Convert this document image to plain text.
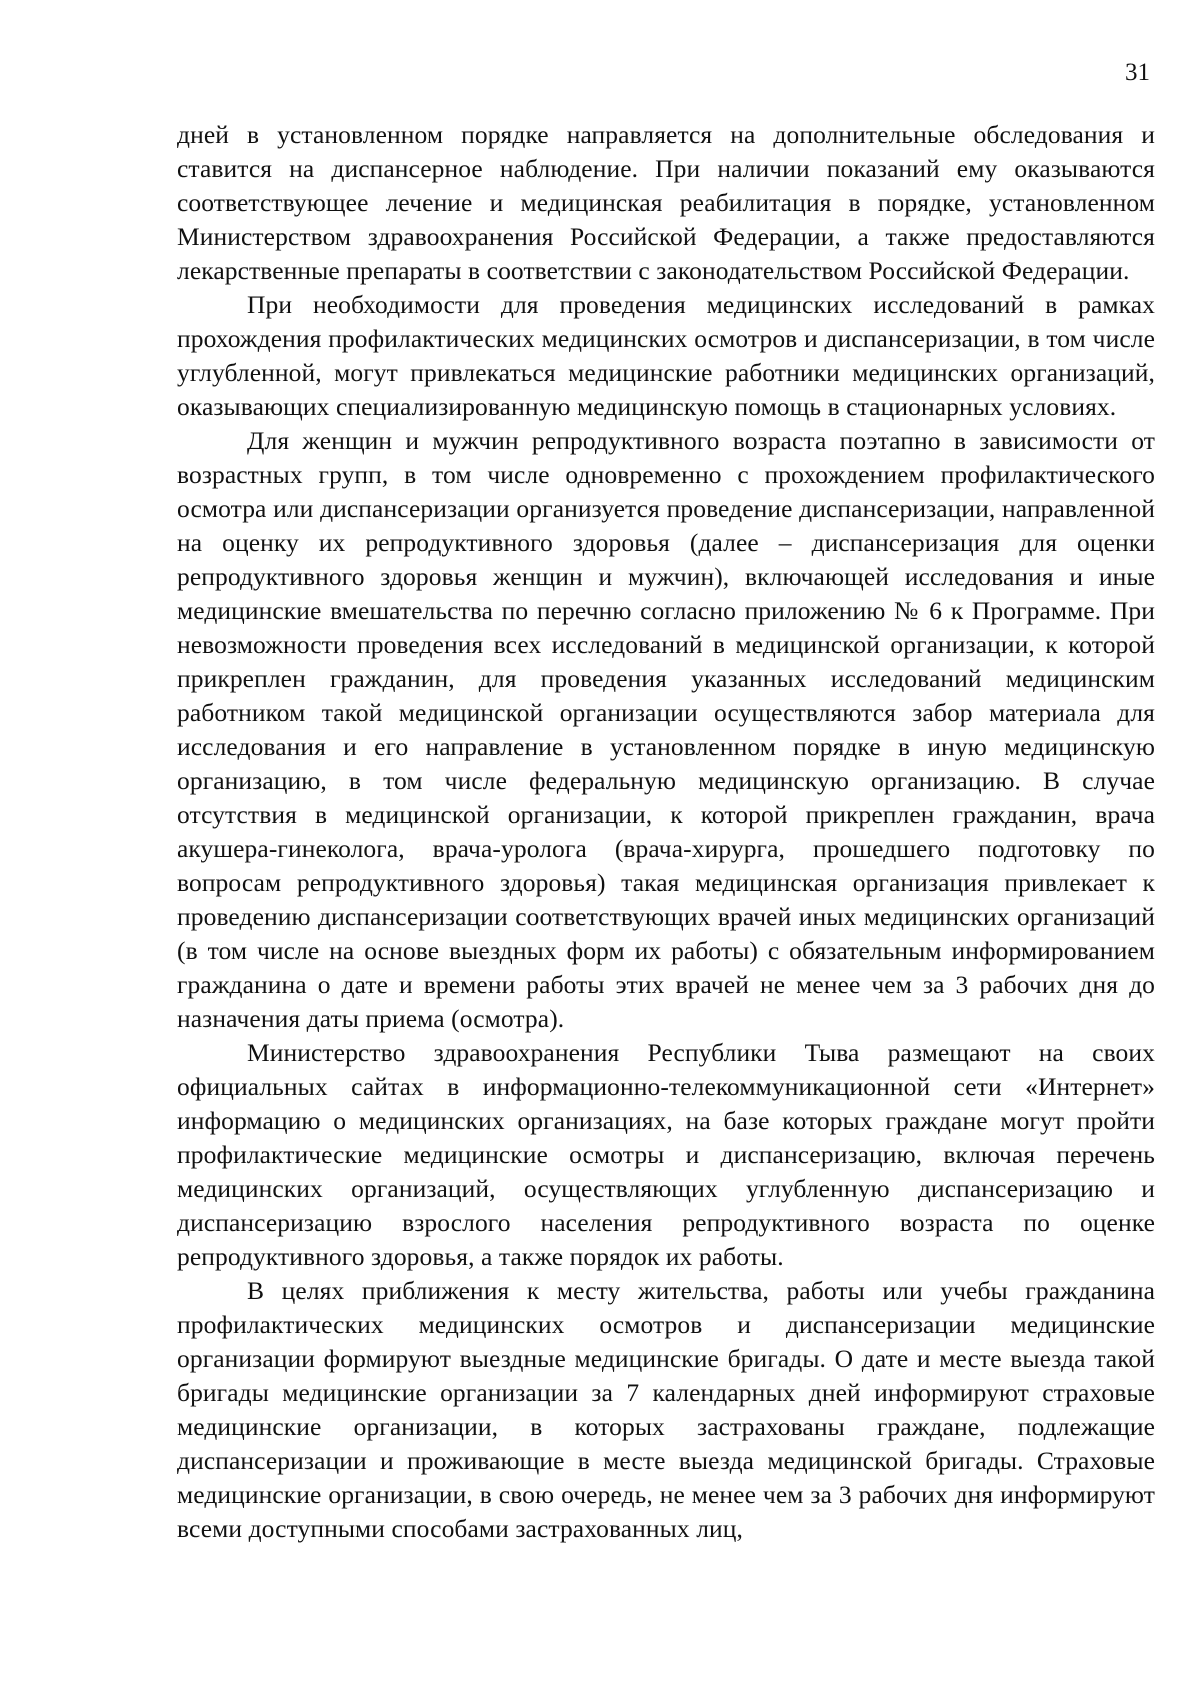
31

дней в установленном порядке направляется на дополнительные обследования и ставится на диспансерное наблюдение. При наличии показаний ему оказываются соответствующее лечение и медицинская реабилитация в порядке, установленном Министерством здравоохранения Российской Федерации, а также предоставляются лекарственные препараты в соответствии с законодательством Российской Федерации.

При необходимости для проведения медицинских исследований в рамках прохождения профилактических медицинских осмотров и диспансеризации, в том числе углубленной, могут привлекаться медицинские работники медицинских организаций, оказывающих специализированную медицинскую помощь в стационарных условиях.

Для женщин и мужчин репродуктивного возраста поэтапно в зависимости от возрастных групп, в том числе одновременно с прохождением профилактического осмотра или диспансеризации организуется проведение диспансеризации, направленной на оценку их репродуктивного здоровья (далее – диспансеризация для оценки репродуктивного здоровья женщин и мужчин), включающей исследования и иные медицинские вмешательства по перечню согласно приложению № 6 к Программе. При невозможности проведения всех исследований в медицинской организации, к которой прикреплен гражданин, для проведения указанных исследований медицинским работником такой медицинской организации осуществляются забор материала для исследования и его направление в установленном порядке в иную медицинскую организацию, в том числе федеральную медицинскую организацию. В случае отсутствия в медицинской организации, к которой прикреплен гражданин, врача акушера-гинеколога, врача-уролога (врача-хирурга, прошедшего подготовку по вопросам репродуктивного здоровья) такая медицинская организация привлекает к проведению диспансеризации соответствующих врачей иных медицинских организаций (в том числе на основе выездных форм их работы) с обязательным информированием гражданина о дате и времени работы этих врачей не менее чем за 3 рабочих дня до назначения даты приема (осмотра).

Министерство здравоохранения Республики Тыва размещают на своих официальных сайтах в информационно-телекоммуникационной сети «Интернет» информацию о медицинских организациях, на базе которых граждане могут пройти профилактические медицинские осмотры и диспансеризацию, включая перечень медицинских организаций, осуществляющих углубленную диспансеризацию и диспансеризацию взрослого населения репродуктивного возраста по оценке репродуктивного здоровья, а также порядок их работы.

В целях приближения к месту жительства, работы или учебы гражданина профилактических медицинских осмотров и диспансеризации медицинские организации формируют выездные медицинские бригады. О дате и месте выезда такой бригады медицинские организации за 7 календарных дней информируют страховые медицинские организации, в которых застрахованы граждане, подлежащие диспансеризации и проживающие в месте выезда медицинской бригады. Страховые медицинские организации, в свою очередь, не менее чем за 3 рабочих дня информируют всеми доступными способами застрахованных лиц,
